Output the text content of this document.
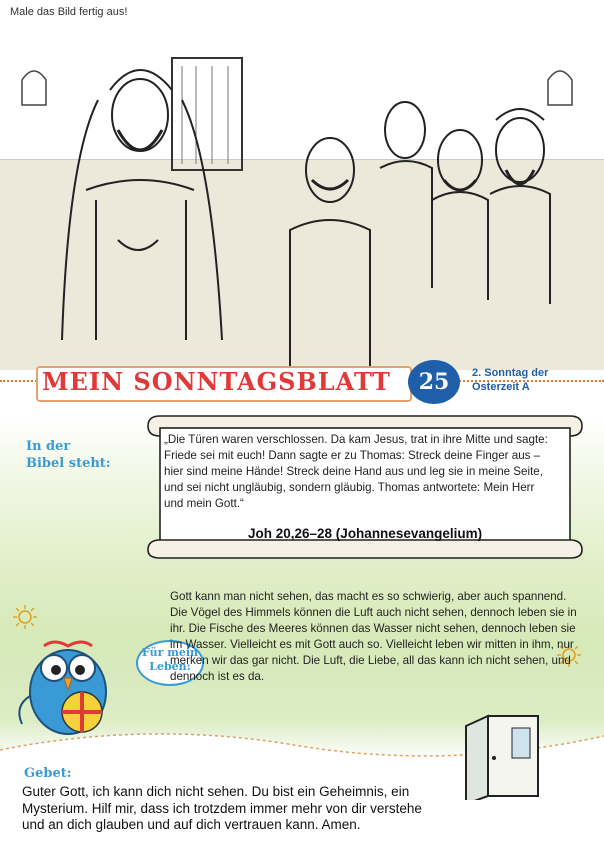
Male das Bild fertig aus!
MEIN SONNTAGSBLATT	25	2. Sonntag der
Osterzeit A
In der
Bibel steht:
„Die Türen waren verschlossen. Da kam Jesus, trat in ihre Mitte und sagte: Friede sei mit euch! Dann sagte er zu Thomas: Streck deine Finger aus – hier sind meine Hände! Streck deine Hand aus und leg sie in meine Seite, und sei nicht ungläubig, sondern gläubig. Thomas antwortete: Mein Herr und mein Gott.“
Joh 20,26–28 (Johannesevangelium)
Für mein
Leben:

Gott kann man nicht sehen, das macht es so schwierig, aber auch spannend. Die Vögel des Himmels können die Luft auch nicht sehen, dennoch leben sie in ihr. Die Fische des Meeres können das Wasser nicht sehen, dennoch leben sie im Wasser. Vielleicht es mit Gott auch so. Vielleicht leben wir mitten in ihm, nur merken wir das gar nicht. Die Luft, die Liebe, all das kann ich nicht sehen, und dennoch ist es da.

Gebet:
Guter Gott, ich kann dich nicht sehen. Du bist ein Geheimnis, ein Mysterium. Hilf mir, dass ich trotzdem immer mehr von dir verstehe und an dich glauben und auf dich vertrauen kann. Amen.
